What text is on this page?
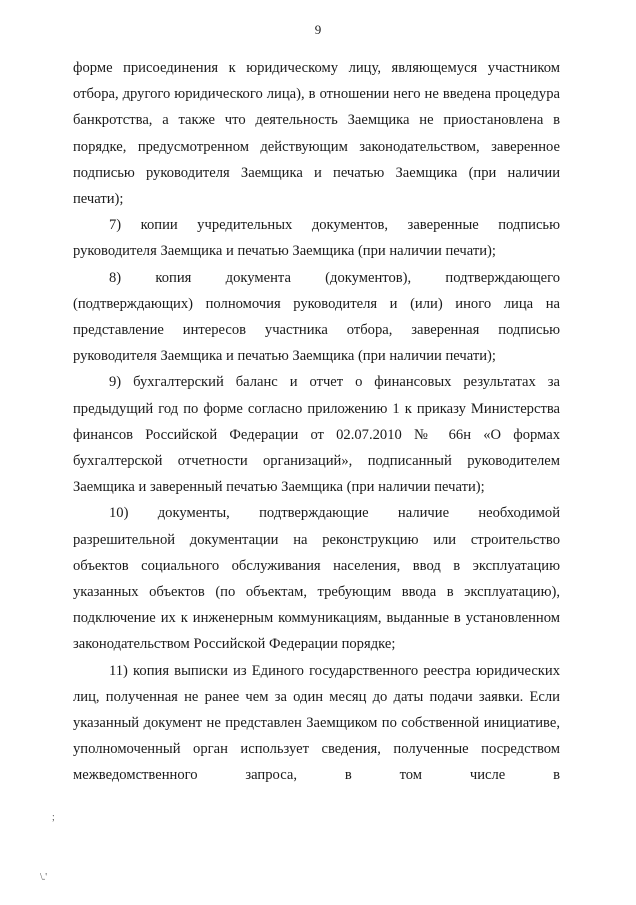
9

форме присоединения к юридическому лицу, являющемуся участником отбора, другого юридического лица), в отношении него не введена процедура банкротства, а также что деятельность Заемщика не приостановлена в порядке, предусмотренном действующим законодательством, заверенное подписью руководителя Заемщика и печатью Заемщика (при наличии печати);

7) копии учредительных документов, заверенные подписью руководителя Заемщика и печатью Заемщика (при наличии печати);

8) копия документа (документов), подтверждающего (подтверждающих) полномочия руководителя и (или) иного лица на представление интересов участника отбора, заверенная подписью руководителя Заемщика и печатью Заемщика (при наличии печати);

9) бухгалтерский баланс и отчет о финансовых результатах за предыдущий год по форме согласно приложению 1 к приказу Министерства финансов Российской Федерации от 02.07.2010 № 66н «О формах бухгалтерской отчетности организаций», подписанный руководителем Заемщика и заверенный печатью Заемщика (при наличии печати);

10) документы, подтверждающие наличие необходимой разрешительной документации на реконструкцию или строительство объектов социального обслуживания населения, ввод в эксплуатацию указанных объектов (по объектам, требующим ввода в эксплуатацию), подключение их к инженерным коммуникациям, выданные в установленном законодательством Российской Федерации порядке;

11) копия выписки из Единого государственного реестра юридических лиц, полученная не ранее чем за один месяц до даты подачи заявки. Если указанный документ не представлен Заемщиком по собственной инициативе, уполномоченный орган использует сведения, полученные посредством межведомственного запроса, в том числе в

;
\.'
